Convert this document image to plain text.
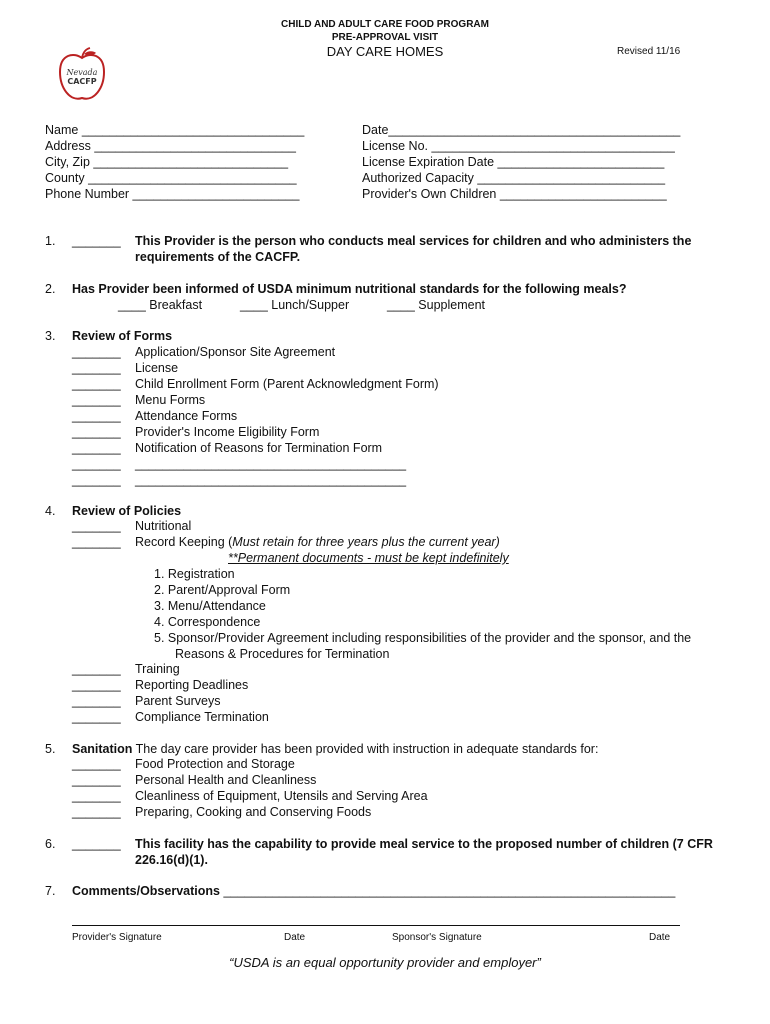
CHILD AND ADULT CARE FOOD PROGRAM
PRE-APPROVAL VISIT
DAY CARE HOMES	Revised 11/16
Nevada
CACFP
Name ________________________________
Address _____________________________
City, Zip ____________________________
County ______________________________
Phone Number ________________________
Date__________________________________________
License No. ___________________________________
License Expiration Date ________________________
Authorized Capacity ___________________________
Provider's Own Children ________________________
1. _______ This Provider is the person who conducts meal services for children and who administers the
requirements of the CACFP.
2. Has Provider been informed of USDA minimum nutritional standards for the following meals?
____ Breakfast	____ Lunch/Supper	____ Supplement
3. Review of Forms
_______ Application/Sponsor Site Agreement
_______ License
_______ Child Enrollment Form (Parent Acknowledgment Form)
_______ Menu Forms
_______ Attendance Forms
_______ Provider's Income Eligibility Form
_______ Notification of Reasons for Termination Form
_______ _______________________________________
_______ _______________________________________
4. Review of Policies
_______ Nutritional
_______ Record Keeping (Must retain for three years plus the current year)
**Permanent documents - must be kept indefinitely
1. Registration
2. Parent/Approval Form
3. Menu/Attendance
4. Correspondence
5. Sponsor/Provider Agreement including responsibilities of the provider and the sponsor, and the
Reasons & Procedures for Termination
_______ Training
_______ Reporting Deadlines
_______ Parent Surveys
_______ Compliance Termination
5. Sanitation The day care provider has been provided with instruction in adequate standards for:
_______ Food Protection and Storage
_______ Personal Health and Cleanliness
_______ Cleanliness of Equipment, Utensils and Serving Area
_______ Preparing, Cooking and Conserving Foods
6. _______ This facility has the capability to provide meal service to the proposed number of children (7 CFR
226.16(d)(1).
7. Comments/Observations _________________________________________________________________
Provider's Signature	Date	Sponsor's Signature	Date
“USDA is an equal opportunity provider and employer”
